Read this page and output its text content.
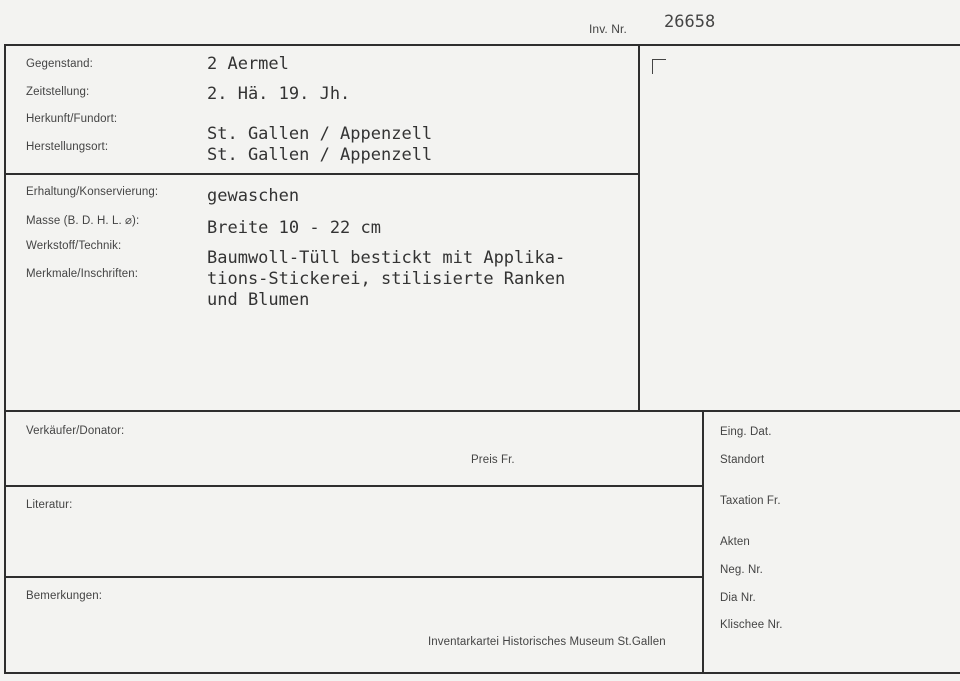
Inv. Nr. 26658
Gegenstand:
Zeitstellung:
Herkunft/Fundort:
Herstellungsort:
2 Aermel
2. Hä. 19. Jh.
St. Gallen / Appenzell
St. Gallen / Appenzell
Erhaltung/Konservierung:
Masse (B. D. H. L. ⌀):
Werkstoff/Technik:
Merkmale/Inschriften:
gewaschen
Breite 10 - 22 cm
Baumwoll-Tüll bestickt mit Applika-
tions-Stickerei, stilisierte Ranken
und Blumen
Verkäufer/Donator:
Preis Fr.
Literatur:
Bemerkungen:
Inventarkartei Historisches Museum St.Gallen
Eing. Dat.
Standort
Taxation Fr.
Akten
Neg. Nr.
Dia Nr.
Klischee Nr.
